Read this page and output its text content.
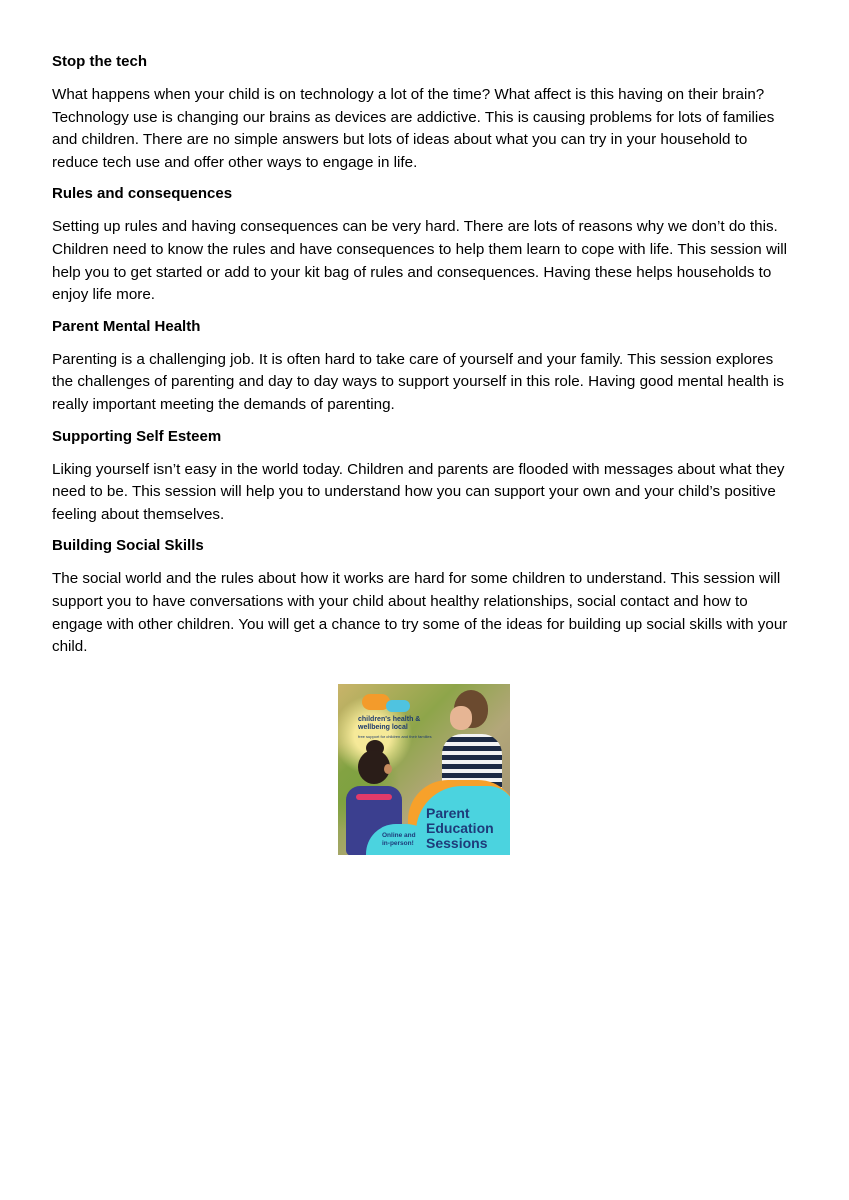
Stop the tech

What happens when your child is on technology a lot of the time? What affect is this having on their brain? Technology use is changing our brains as devices are addictive. This is causing problems for lots of families and children. There are no simple answers but lots of ideas about what you can try in your household to reduce tech use and offer other ways to engage in life.

Rules and consequences

Setting up rules and having consequences can be very hard. There are lots of reasons why we don’t do this. Children need to know the rules and have consequences to help them learn to cope with life. This session will help you to get started or add to your kit bag of rules and consequences. Having these helps households to enjoy life more.

Parent Mental Health

Parenting is a challenging job. It is often hard to take care of yourself and your family. This session explores the challenges of parenting and day to day ways to support yourself in this role. Having good mental health is really important meeting the demands of parenting.

Supporting Self Esteem

Liking yourself isn’t easy in the world today. Children and parents are flooded with messages about what they need to be. This session will help you to understand how you can support your own and your child’s positive feeling about themselves.

Building Social Skills

The social world and the rules about how it works are hard for some children to understand. This session will support you to have conversations with your child about healthy relationships, social contact and how to engage with other children. You will get a chance to try some of the ideas for building up social skills with your child.

children's health & wellbeing local
free support for children and their families
Parent
Education
Sessions
Online and
in-person!
